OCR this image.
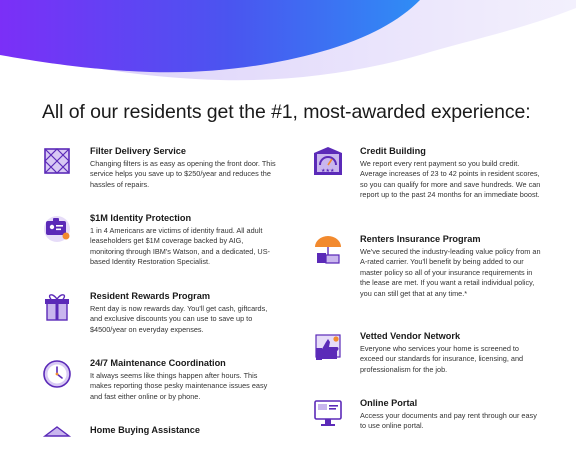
All of our residents get the #1, most-awarded experience:
Filter Delivery Service

Changing filters is as easy as opening the front door. This service helps you save up to $250/year and reduces the hassles of repairs.

$1M Identity Protection

1 in 4 Americans are victims of identity fraud. All adult leaseholders get $1M coverage backed by AIG, monitoring through IBM's Watson, and a dedicated, US-based Identity Restoration Specialist.

Resident Rewards Program

Rent day is now rewards day. You'll get cash, giftcards, and exclusive discounts you can use to save up to $4500/year on everyday expenses.

24/7 Maintenance Coordination

It always seems like things happen after hours. This makes reporting those pesky maintenance issues easy and fast either online or by phone.

Home Buying Assistance
★★★
Credit Building

We report every rent payment so you build credit. Average increases of 23 to 42 points in resident scores, so you can qualify for more and save hundreds. We can report up to the past 24 months for an immediate boost.

Renters Insurance Program

We've secured the industry-leading value policy from an A-rated carrier. You'll benefit by being added to our master policy so all of your insurance requirements in the lease are met. If you want a retail individual policy, you can still get that at any time.*

Vetted Vendor Network

Everyone who services your home is screened to exceed our standards for insurance, licensing, and professionalism for the job.

Online Portal

Access your documents and pay rent through our easy to use online portal.
